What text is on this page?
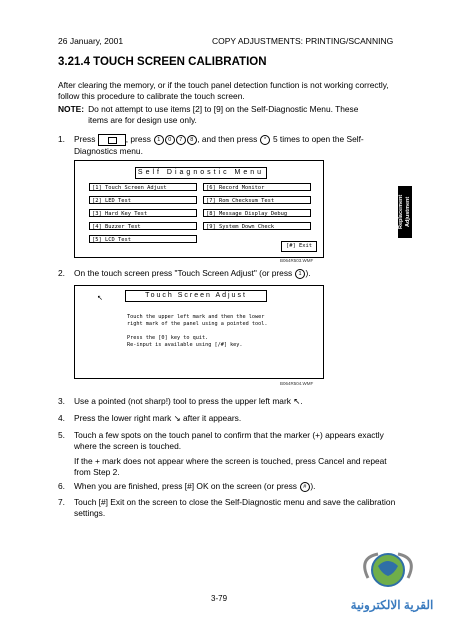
26 January, 2001	COPY ADJUSTMENTS: PRINTING/SCANNING
3.21.4 TOUCH SCREEN CALIBRATION
After clearing the memory, or if the touch panel detection function is not working correctly, follow this procedure to calibrate the touch screen.
NOTE: Do not attempt to use items [2] to [9] on the Self-Diagnostic Menu. These items are for design use only.
1. Press	, press 1 0 7 8 , and then press * 5 times to open the Self-Diagnostics menu.
Self Diagnostic Menu
[1] Touch Screen Adjust
[2] LED Test
[3] Hard Key Test
[4] Buzzer Test
[5] LCD Test
[6] Record Monitor
[7] Rom Checksum Test
[8] Message Display Debug
[9] System Down Check
[#] Exit
B064R503.WMF
2. On the touch screen press "Touch Screen Adjust" (or press 1 ).
↖	Touch Screen Adjust
Touch the upper left mark and then the lower
right mark of the panel using a pointed tool.

Press the [0] key to quit.
Re-input is available using [/#] key.
B064R504.WMF
3. Use a pointed (not sharp!) tool to press the upper left mark ↖.
4. Press the lower right mark ↘ after it appears.
5. Touch a few spots on the touch panel to confirm that the marker (+) appears exactly where the screen is touched.
If the + mark does not appear where the screen is touched, press Cancel and repeat from Step 2.
6. When you are finished, press [#] OK on the screen (or press # ).
7. Touch [#] Exit on the screen to close the Self-Diagnostic menu and save the calibration settings.
Replacement Adjustment
3-79	القرية الالكترونية
